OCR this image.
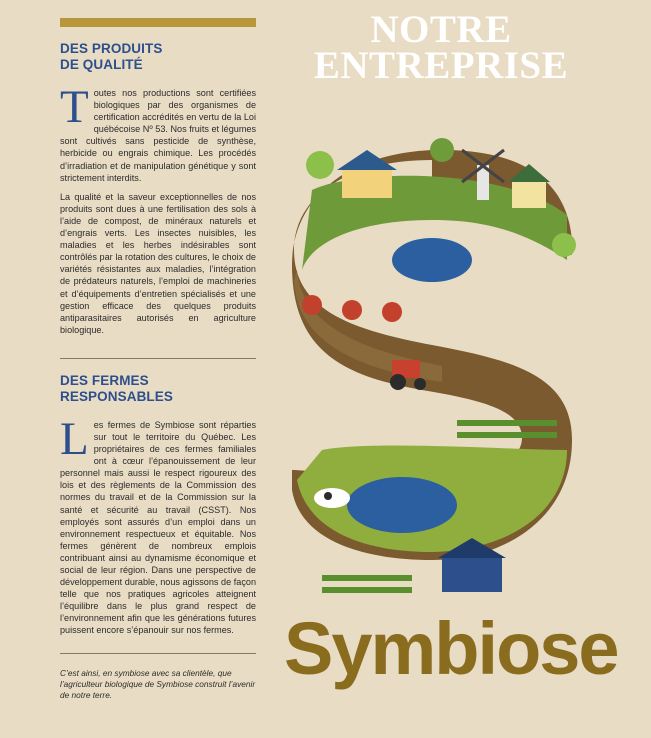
DES PRODUITS
DE QUALITÉ

Toutes nos productions sont certifiées biologiques par des organismes de certification accrédités en vertu de la Loi québécoise Nº 53. Nos fruits et légumes sont cultivés sans pesticide de synthèse, herbicide ou engrais chimique. Les procédés d’irradiation et de manipulation génétique y sont strictement interdits.

La qualité et la saveur exceptionnelles de nos produits sont dues à une fertilisation des sols à l’aide de compost, de minéraux naturels et d’engrais verts. Les insectes nuisibles, les maladies et les herbes indésirables sont contrôlés par la rotation des cultures, le choix de variétés résistantes aux maladies, l’intégration de prédateurs naturels, l’emploi de machineries et d’équipements d’entretien spécialisés et une gestion efficace des quelques produits antiparasitaires autorisés en agriculture biologique.

DES FERMES
RESPONSABLES

Les fermes de Symbiose sont réparties sur tout le territoire du Québec. Les propriétaires de ces fermes familiales ont à cœur l’épanouissement de leur personnel mais aussi le respect rigoureux des lois et des règlements de la Commission des normes du travail et de la Commission sur la santé et sécurité au travail (CSST). Nos employés sont assurés d’un emploi dans un environnement respectueux et équitable. Nos fermes génèrent de nombreux emplois contribuant ainsi au dynamisme économique et social de leur région. Dans une perspective de développement durable, nous agissons de façon telle que nos pratiques agricoles atteignent l’équilibre dans le plus grand respect de l’environnement afin que les générations futures puissent encore s’épanouir sur nos fermes.

C’est ainsi, en symbiose avec sa clientèle, que l’agriculteur biologique de Symbiose construit l’avenir de notre terre.

NOTRE
ENTREPRISE
Symbiose
